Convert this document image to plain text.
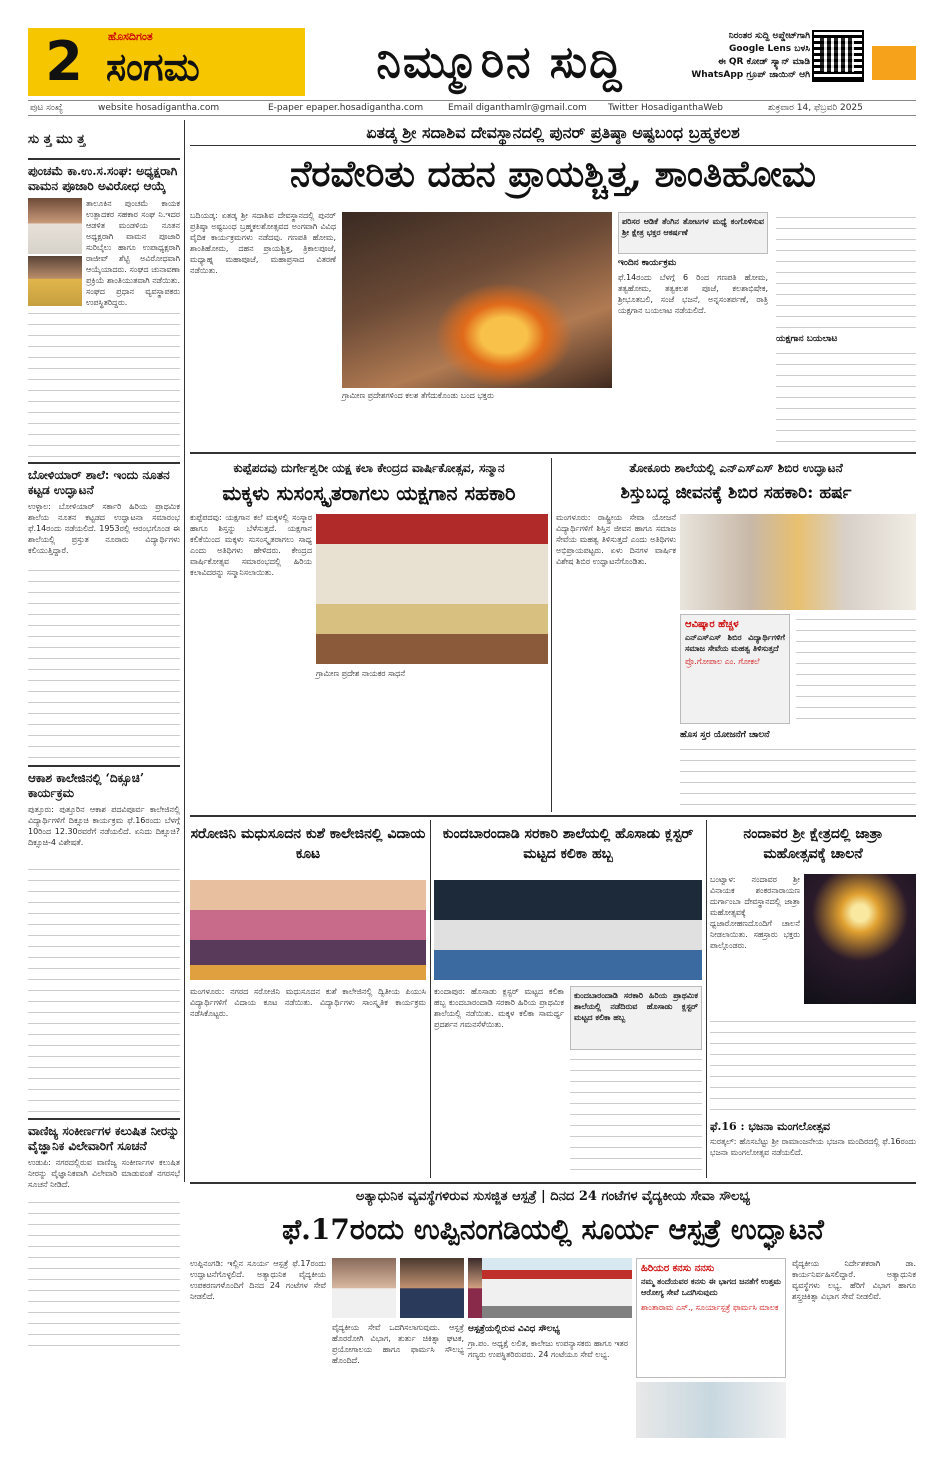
2	ಹೊಸದಿಗಂತ
ಸಂಗಮ	ನಿಮ್ಮೂರಿನ ಸುದ್ದಿ
ನಿರಂತರ ಸುದ್ದಿ ಅಪ್ಡೇಟ್‌ಗಾಗಿ
Google Lens ಬಳಸಿ
ಈ QR ಕೋಡ್ ಸ್ಕ್ಯಾನ್ ಮಾಡಿ
WhatsApp ಗ್ರೂಪ್ ಜಾಯಿನ್ ಆಗಿ
ಪುಟ ಸಂಖ್ಯೆ	website hosadigantha.com	E-paper epaper.hosadigantha.com	Email diganthamlr@gmail.com Twitter HosadiganthaWeb	ಶುಕ್ರವಾರ 14, ಫೆಬ್ರವರಿ 2025
ಸು ತ್ತ ಮು ತ್ತ
ಪುಂಚಮೆ ಕಾ.ಉ.ಸ.ಸಂಘ: ಅಧ್ಯಕ್ಷರಾಗಿ ವಾಮನ ಪೂಜಾರಿ ಅವಿರೋಧ ಆಯ್ಕೆ
ತಾಲೂಕಿನ ಪುಂಚಮೆ ಕಾಯಕ ಉತ್ಪಾದಕರ ಸಹಕಾರ ಸಂಘ ನಿ.ಇದರ ಆಡಳಿತ ಮಂಡಳಿಯ ನೂತನ ಅಧ್ಯಕ್ಷರಾಗಿ ವಾಮನ ಪೂಜಾರಿ ಸುರಿಬೈಲು ಹಾಗೂ ಉಪಾಧ್ಯಕ್ಷರಾಗಿ ರಾಜೀವ್ ಶೆಟ್ಟಿ ಅವಿರೋಧವಾಗಿ ಆಯ್ಕೆಯಾದರು. ಸಂಘದ ಚುನಾವಣಾ ಪ್ರಕ್ರಿಯೆ ಶಾಂತಿಯುತವಾಗಿ ನಡೆಯಿತು. ಸಂಘದ ಪ್ರಧಾನ ವ್ಯವಸ್ಥಾಪಕರು ಉಪಸ್ಥಿತರಿದ್ದರು.
ಬೋಳಿಯಾರ್ ಶಾಲೆ: ಇಂದು ನೂತನ ಕಟ್ಟಡ ಉದ್ಘಾಟನೆ
ಉಳ್ಳಾಲ: ಬೋಳಿಯಾರ್ ಸರ್ಕಾರಿ ಹಿರಿಯ ಪ್ರಾಥಮಿಕ ಶಾಲೆಯ ನೂತನ ಕಟ್ಟಡದ ಉದ್ಘಾಟನಾ ಸಮಾರಂಭ ಫೆ.14ರಂದು ನಡೆಯಲಿದೆ. 1953ರಲ್ಲಿ ಆರಂಭಗೊಂಡ ಈ ಶಾಲೆಯಲ್ಲಿ ಪ್ರಸ್ತುತ ನೂರಾರು ವಿದ್ಯಾರ್ಥಿಗಳು ಕಲಿಯುತ್ತಿದ್ದಾರೆ.
ಆಕಾಶ ಕಾಲೇಜಿನಲ್ಲಿ ‘ದಿಕ್ಸೂಚಿ’ ಕಾರ್ಯಕ್ರಮ
ಪುತ್ತೂರು: ಪುತ್ತೂರಿನ ಆಕಾಶ ಪದವಿಪೂರ್ವ ಕಾಲೇಜಿನಲ್ಲಿ ವಿದ್ಯಾರ್ಥಿಗಳಿಗೆ ದಿಕ್ಸೂಚಿ ಕಾರ್ಯಕ್ರಮ ಫೆ.16ರಂದು ಬೆಳಗ್ಗೆ 10ರಿಂದ 12.30ರವರೆಗೆ ನಡೆಯಲಿದೆ. ಏನಿದು ದಿಕ್ಸೂಚಿ? ದಿಕ್ಸೂಚಿ-4 ವಿಶೇಷತೆ.
ವಾಣಿಜ್ಯ ಸಂಕೀರ್ಣಗಳ ಕಲುಷಿತ ನೀರನ್ನು ವೈಜ್ಞಾನಿಕ ವಿಲೇವಾರಿಗೆ ಸೂಚನೆ
ಉಡುಪಿ: ನಗರದಲ್ಲಿರುವ ವಾಣಿಜ್ಯ ಸಂಕೀರ್ಣಗಳ ಕಲುಷಿತ ನೀರನ್ನು ವೈಜ್ಞಾನಿಕವಾಗಿ ವಿಲೇವಾರಿ ಮಾಡುವಂತೆ ನಗರಸಭೆ ಸೂಚನೆ ನೀಡಿದೆ.
ಏತಡ್ಕ ಶ್ರೀ ಸದಾಶಿವ ದೇವಸ್ಥಾನದಲ್ಲಿ ಪುನರ್ ಪ್ರತಿಷ್ಠಾ ಅಷ್ಟಬಂಧ ಬ್ರಹ್ಮಕಲಶ
ನೆರವೇರಿತು ದಹನ ಪ್ರಾಯಶ್ಚಿತ್ತ, ಶಾಂತಿಹೋಮ
ಬದಿಯಡ್ಕ: ಏತಡ್ಕ ಶ್ರೀ ಸದಾಶಿವ ದೇವಸ್ಥಾನದಲ್ಲಿ ಪುನರ್ ಪ್ರತಿಷ್ಠಾ ಅಷ್ಟಬಂಧ ಬ್ರಹ್ಮಕಲಶೋತ್ಸವದ ಅಂಗವಾಗಿ ವಿವಿಧ ವೈದಿಕ ಕಾರ್ಯಕ್ರಮಗಳು ನಡೆದವು. ಗಣಪತಿ ಹೋಮ, ಶಾಂತಿಹೋಮ, ದಹನ ಪ್ರಾಯಶ್ಚಿತ್ತ, ತ್ರಿಕಾಲಪೂಜೆ, ಮಧ್ಯಾಹ್ನ ಮಹಾಪೂಜೆ, ಮಹಾಪ್ರಸಾದ ವಿತರಣೆ ನಡೆಯಿತು.
ಗ್ರಾಮೀಣ ಪ್ರದೇಶಗಳಿಂದ ಕಲಶ ತೆಗೆದುಕೊಂಡು ಬಂದ ಭಕ್ತರು
ಪರಿಸರ ಆಡಿಕೆ ತೆಂಗಿನ ತೋಟಗಳ ಮಧ್ಯೆ ಕಂಗೊಳಿಸುವ ಶ್ರೀ ಕ್ಷೇತ್ರ ಭಕ್ತರ ಆಕರ್ಷಣೆ
ಇಂದಿನ ಕಾರ್ಯಕ್ರಮ
ಫೆ.14ರಂದು ಬೆಳಗ್ಗೆ 6 ರಿಂದ ಗಣಪತಿ ಹೋಮ, ತತ್ವಹೋಮ, ತತ್ವಕಲಶ ಪೂಜೆ, ಕಲಶಾಭಿಷೇಕ, ಶ್ರೀಭೂತಬಲಿ, ಸಂಜೆ ಭಜನೆ, ಅನ್ನಸಂತರ್ಪಣೆ, ರಾತ್ರಿ ಯಕ್ಷಗಾನ ಬಯಲಾಟ ನಡೆಯಲಿದೆ.
ಯಕ್ಷಗಾನ ಬಯಲಾಟ
ಕುಪ್ಪೆಪದವು ದುರ್ಗೇಶ್ವರೀ ಯಕ್ಷ ಕಲಾ ಕೇಂದ್ರದ ವಾರ್ಷಿಕೋತ್ಸವ, ಸನ್ಮಾನ
ಮಕ್ಕಳು ಸುಸಂಸ್ಕೃತರಾಗಲು ಯಕ್ಷಗಾನ ಸಹಕಾರಿ
ಕುಪ್ಪೆಪದವು: ಯಕ್ಷಗಾನ ಕಲೆ ಮಕ್ಕಳಲ್ಲಿ ಸಂಸ್ಕಾರ ಹಾಗೂ ಶಿಸ್ತನ್ನು ಬೆಳೆಸುತ್ತದೆ. ಯಕ್ಷಗಾನ ಕಲಿಕೆಯಿಂದ ಮಕ್ಕಳು ಸುಸಂಸ್ಕೃತರಾಗಲು ಸಾಧ್ಯ ಎಂದು ಅತಿಥಿಗಳು ಹೇಳಿದರು. ಕೇಂದ್ರದ ವಾರ್ಷಿಕೋತ್ಸವ ಸಮಾರಂಭದಲ್ಲಿ ಹಿರಿಯ ಕಲಾವಿದರನ್ನು ಸನ್ಮಾನಿಸಲಾಯಿತು.
ಗ್ರಾಮೀಣ ಪ್ರದೇಶ ನಾಯಕರ ಸಾಧನೆ
ತೋಕೂರು ಶಾಲೆಯಲ್ಲಿ ಎನ್ಎಸ್ಎಸ್ ಶಿಬಿರ ಉದ್ಘಾಟನೆ
ಶಿಸ್ತುಬದ್ಧ ಜೀವನಕ್ಕೆ ಶಿಬಿರ ಸಹಕಾರಿ: ಹರ್ಷ
ಮಂಗಳೂರು: ರಾಷ್ಟ್ರೀಯ ಸೇವಾ ಯೋಜನೆ ವಿದ್ಯಾರ್ಥಿಗಳಿಗೆ ಶಿಸ್ತಿನ ಜೀವನ ಹಾಗೂ ಸಮಾಜ ಸೇವೆಯ ಮಹತ್ವ ತಿಳಿಸುತ್ತದೆ ಎಂದು ಅತಿಥಿಗಳು ಅಭಿಪ್ರಾಯಪಟ್ಟರು. ಏಳು ದಿನಗಳ ವಾರ್ಷಿಕ ವಿಶೇಷ ಶಿಬಿರ ಉದ್ಘಾಟನೆಗೊಂಡಿತು.
ಆವಿಷ್ಕಾರ ಹೆಚ್ಚಳ
ಎನ್ಎಸ್ಎಸ್ ಶಿಬಿರ ವಿದ್ಯಾರ್ಥಿಗಳಿಗೆ ಸಮಾಜ ಸೇವೆಯ ಮಹತ್ವ ತಿಳಿಸುತ್ತದೆ
ಪ್ರೊ.ಗೋಪಾಲ ಎಂ. ಗೋಕಲೆ
ಹೊಸ ಸ್ತರ ಯೋಜನೆಗೆ ಚಾಲನೆ
ಸರೋಜಿನಿ ಮಧುಸೂದನ ಕುಶೆ ಕಾಲೇಜಿನಲ್ಲಿ ವಿದಾಯ ಕೂಟ
ಮಂಗಳೂರು: ನಗರದ ಸರೋಜಿನಿ ಮಧುಸೂದನ ಕುಶೆ ಕಾಲೇಜಿನಲ್ಲಿ ದ್ವಿತೀಯ ಪಿಯುಸಿ ವಿದ್ಯಾರ್ಥಿಗಳಿಗೆ ವಿದಾಯ ಕೂಟ ನಡೆಯಿತು. ವಿದ್ಯಾರ್ಥಿಗಳು ಸಾಂಸ್ಕೃತಿಕ ಕಾರ್ಯಕ್ರಮ ನಡೆಸಿಕೊಟ್ಟರು.
ಕುಂದಬಾರಂದಾಡಿ ಸರಕಾರಿ ಶಾಲೆಯಲ್ಲಿ ಹೊಸಾಡು ಕ್ಲಸ್ಟರ್ ಮಟ್ಟದ ಕಲಿಕಾ ಹಬ್ಬ
ಕುಂದಾಪುರ: ಹೊಸಾಡು ಕ್ಲಸ್ಟರ್ ಮಟ್ಟದ ಕಲಿಕಾ ಹಬ್ಬ ಕುಂದಬಾರಂದಾಡಿ ಸರಕಾರಿ ಹಿರಿಯ ಪ್ರಾಥಮಿಕ ಶಾಲೆಯಲ್ಲಿ ನಡೆಯಿತು. ಮಕ್ಕಳ ಕಲಿಕಾ ಸಾಮರ್ಥ್ಯ ಪ್ರದರ್ಶನ ಗಮನಸೆಳೆಯಿತು.
ಕುಂದಬಾರಂದಾಡಿ ಸರಕಾರಿ ಹಿರಿಯ ಪ್ರಾಥಮಿಕ ಶಾಲೆಯಲ್ಲಿ ನಡೆದಿರುವ ಹೊಸಾಡು ಕ್ಲಸ್ಟರ್ ಮಟ್ಟದ ಕಲಿಕಾ ಹಬ್ಬ
ನಂದಾವರ ಶ್ರೀ ಕ್ಷೇತ್ರದಲ್ಲಿ ಜಾತ್ರಾ ಮಹೋತ್ಸವಕ್ಕೆ ಚಾಲನೆ
ಬಂಟ್ವಾಳ: ನಂದಾವರ ಶ್ರೀ ವಿನಾಯಕ ಶಂಕರನಾರಾಯಣ ದುರ್ಗಾಂಬಾ ದೇವಸ್ಥಾನದಲ್ಲಿ ಜಾತ್ರಾ ಮಹೋತ್ಸವಕ್ಕೆ ಧ್ವಜಾರೋಹಣದೊಂದಿಗೆ ಚಾಲನೆ ನೀಡಲಾಯಿತು. ಸಹಸ್ರಾರು ಭಕ್ತರು ಪಾಲ್ಗೊಂಡರು.
ಫೆ.16 : ಭಜನಾ ಮಂಗಲೋತ್ಸವ
ಸುರತ್ಕಲ್: ಹೊಸಬೆಟ್ಟು ಶ್ರೀ ರಾಮಾಂಜನೇಯ ಭಜನಾ ಮಂದಿರದಲ್ಲಿ ಫೆ.16ರಂದು ಭಜನಾ ಮಂಗಲೋತ್ಸವ ನಡೆಯಲಿದೆ.
ಅತ್ಯಾಧುನಿಕ ವ್ಯವಸ್ಥೆಗಳಿರುವ ಸುಸಜ್ಜಿತ ಆಸ್ಪತ್ರೆ | ದಿನದ 24 ಗಂಟೆಗಳ ವೈದ್ಯಕೀಯ ಸೇವಾ ಸೌಲಭ್ಯ
ಫೆ.17ರಂದು ಉಪ್ಪಿನಂಗಡಿಯಲ್ಲಿ ಸೂರ್ಯ ಆಸ್ಪತ್ರೆ ಉದ್ಘಾಟನೆ
ಉಪ್ಪಿನಂಗಡಿ: ಇಲ್ಲಿನ ಸೂರ್ಯ ಆಸ್ಪತ್ರೆ ಫೆ.17ರಂದು ಉದ್ಘಾಟನೆಗೊಳ್ಳಲಿದೆ. ಅತ್ಯಾಧುನಿಕ ವೈದ್ಯಕೀಯ ಉಪಕರಣಗಳೊಂದಿಗೆ ದಿನದ 24 ಗಂಟೆಗಳ ಸೇವೆ ನೀಡಲಿದೆ.
ವೈದ್ಯಕೀಯ ಸೇವೆ ಒದಗಿಸಲಾಗುವುದು. ಆಸ್ಪತ್ರೆ ಹೊರರೋಗಿ ವಿಭಾಗ, ತುರ್ತು ಚಿಕಿತ್ಸಾ ಘಟಕ, ಪ್ರಯೋಗಾಲಯ ಹಾಗೂ ಫಾರ್ಮಸಿ ಸೌಲಭ್ಯ ಹೊಂದಿದೆ.
ಆಸ್ಪತ್ರೆಯಲ್ಲಿರುವ ವಿವಿಧ ಸೌಲಭ್ಯ
ಗ್ರಾ.ಪಂ. ಅಧ್ಯಕ್ಷೆ ಲಲಿತ, ಕಾಲೇಜು ಉಪನ್ಯಾಸಕರು ಹಾಗೂ ಇತರ ಗಣ್ಯರು ಉಪಸ್ಥಿತರಿರುವರು. 24 ಗಂಟೆಯೂ ಸೇವೆ ಲಭ್ಯ.
ಹಿರಿಯರ ಕನಸು ನನಸು
ನಮ್ಮ ತಂದೆಯವರ ಕನಸು ಈ ಭಾಗದ ಜನತೆಗೆ ಉತ್ತಮ ಆರೋಗ್ಯ ಸೇವೆ ಒದಗಿಸುವುದು
ಶಾಂತಾರಾಮ ಎಸ್., ಸೂರ್ಯಾಸ್ಪತ್ರೆ ಫಾರ್ಮಸಿ ಮಾಲಕ
ವೈದ್ಯಕೀಯ ನಿರ್ದೇಶಕರಾಗಿ ಡಾ. ಕಾರ್ಯನಿರ್ವಹಿಸಲಿದ್ದಾರೆ. ಅತ್ಯಾಧುನಿಕ ವ್ಯವಸ್ಥೆಗಳು ಲಭ್ಯ. ಹೆರಿಗೆ ವಿಭಾಗ ಹಾಗೂ ಶಸ್ತ್ರಚಿಕಿತ್ಸಾ ವಿಭಾಗ ಸೇವೆ ನೀಡಲಿವೆ.
